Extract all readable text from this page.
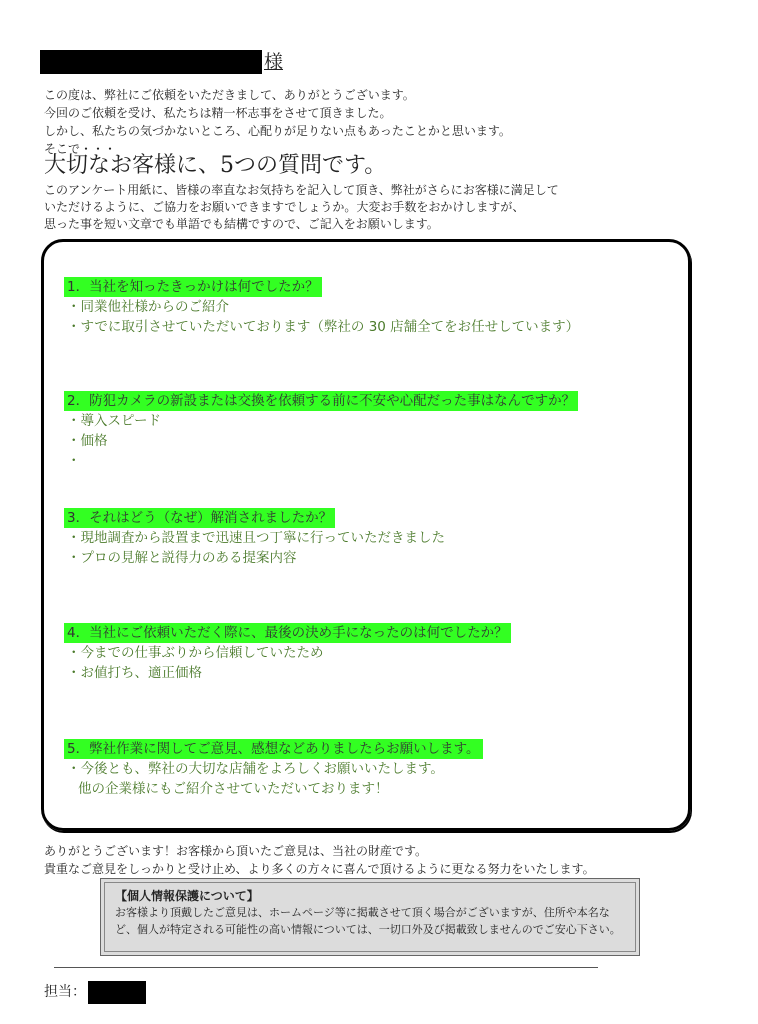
様
この度は、弊社にご依頼をいただきまして、ありがとうございます。
今回のご依頼を受け、私たちは精一杯志事をさせて頂きました。
しかし、私たちの気づかないところ、心配りが足りない点もあったことかと思います。
そこで・・・
大切なお客様に、5つの質問です。
このアンケート用紙に、皆様の率直なお気持ちを記入して頂き、弊社がさらにお客様に満足して
いただけるように、ご協力をお願いできますでしょうか。大変お手数をおかけしますが、
思った事を短い文章でも単語でも結構ですので、ご記入をお願いします。
1．当社を知ったきっかけは何でしたか？
・同業他社様からのご紹介
・すでに取引させていただいております（弊社の 30 店舗全てをお任せしています）
2．防犯カメラの新設または交換を依頼する前に不安や心配だった事はなんですか？
・導入スピード
・価格
・
3．それはどう（なぜ）解消されましたか？
・現地調査から設置まで迅速且つ丁寧に行っていただきました
・プロの見解と説得力のある提案内容
4．当社にご依頼いただく際に、最後の決め手になったのは何でしたか？
・今までの仕事ぶりから信頼していたため
・お値打ち、適正価格
5．弊社作業に関してご意見、感想などありましたらお願いします。
・今後とも、弊社の大切な店舗をよろしくお願いいたします。
他の企業様にもご紹介させていただいております！
ありがとうございます！お客様から頂いたご意見は、当社の財産です。
貴重なご意見をしっかりと受け止め、より多くの方々に喜んで頂けるように更なる努力をいたします。
【個人情報保護について】
お客様より頂戴したご意見は、ホームページ等に掲載させて頂く場合がございますが、住所や本名など、個人が特定される可能性の高い情報については、一切口外及び掲載致しませんのでご安心下さい。
担当：
